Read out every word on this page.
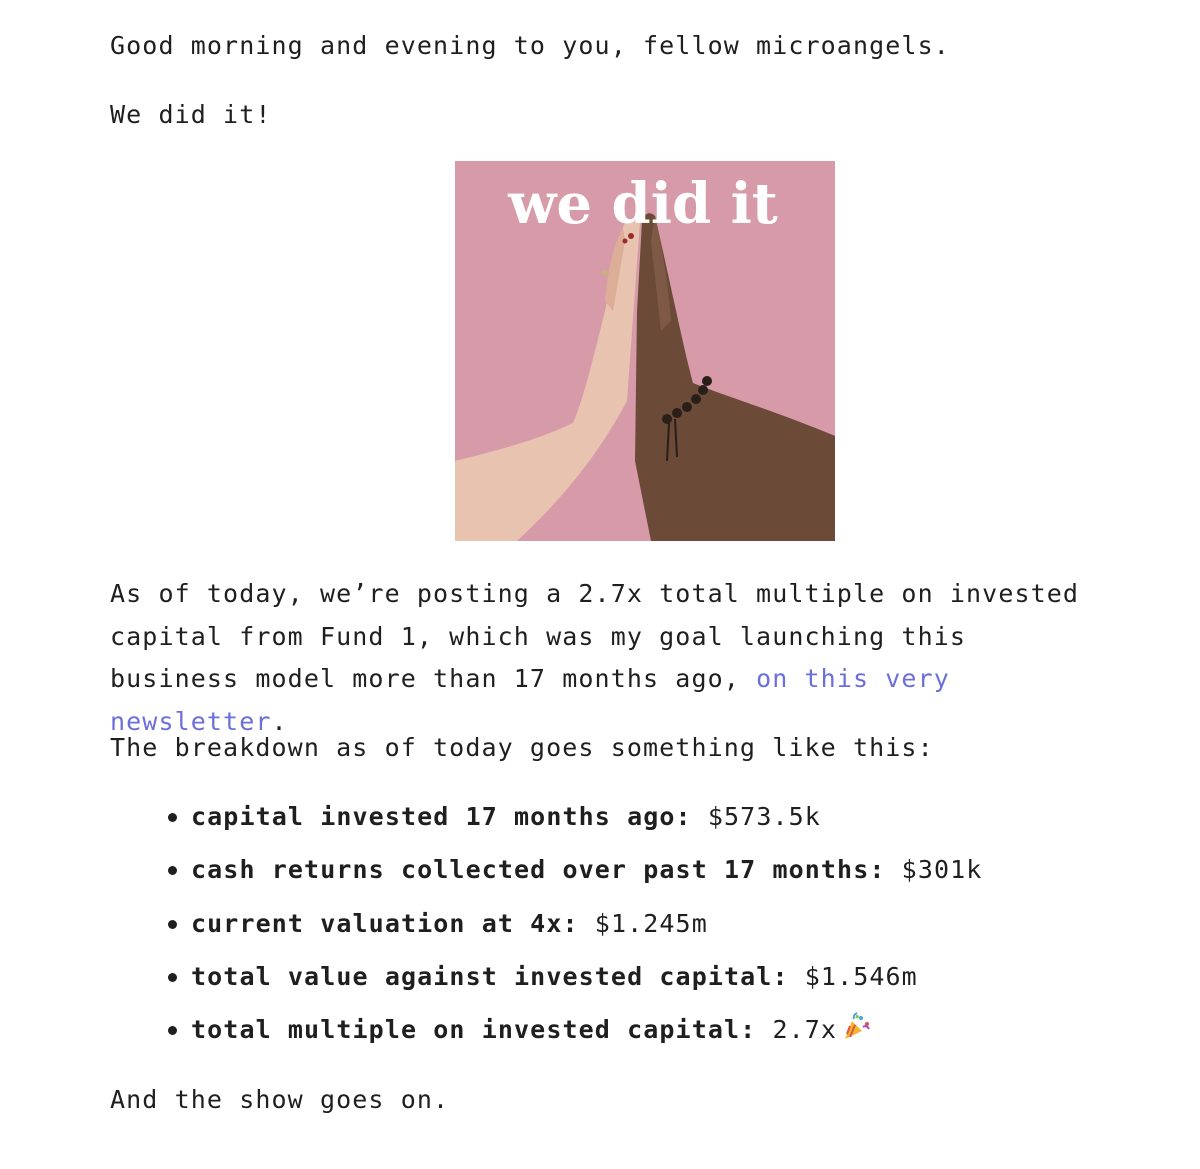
Good morning and evening to you, fellow microangels.

We did it!

we did it

As of today, we’re posting a 2.7x total multiple on invested capital from Fund 1, which was my goal launching this business model more than 17 months ago, on this very newsletter.

The breakdown as of today goes something like this:

capital invested 17 months ago: $573.5k
cash returns collected over past 17 months: $301k
current valuation at 4x: $1.245m
total value against invested capital: $1.546m
total multiple on invested capital: 2.7x

And the show goes on.
